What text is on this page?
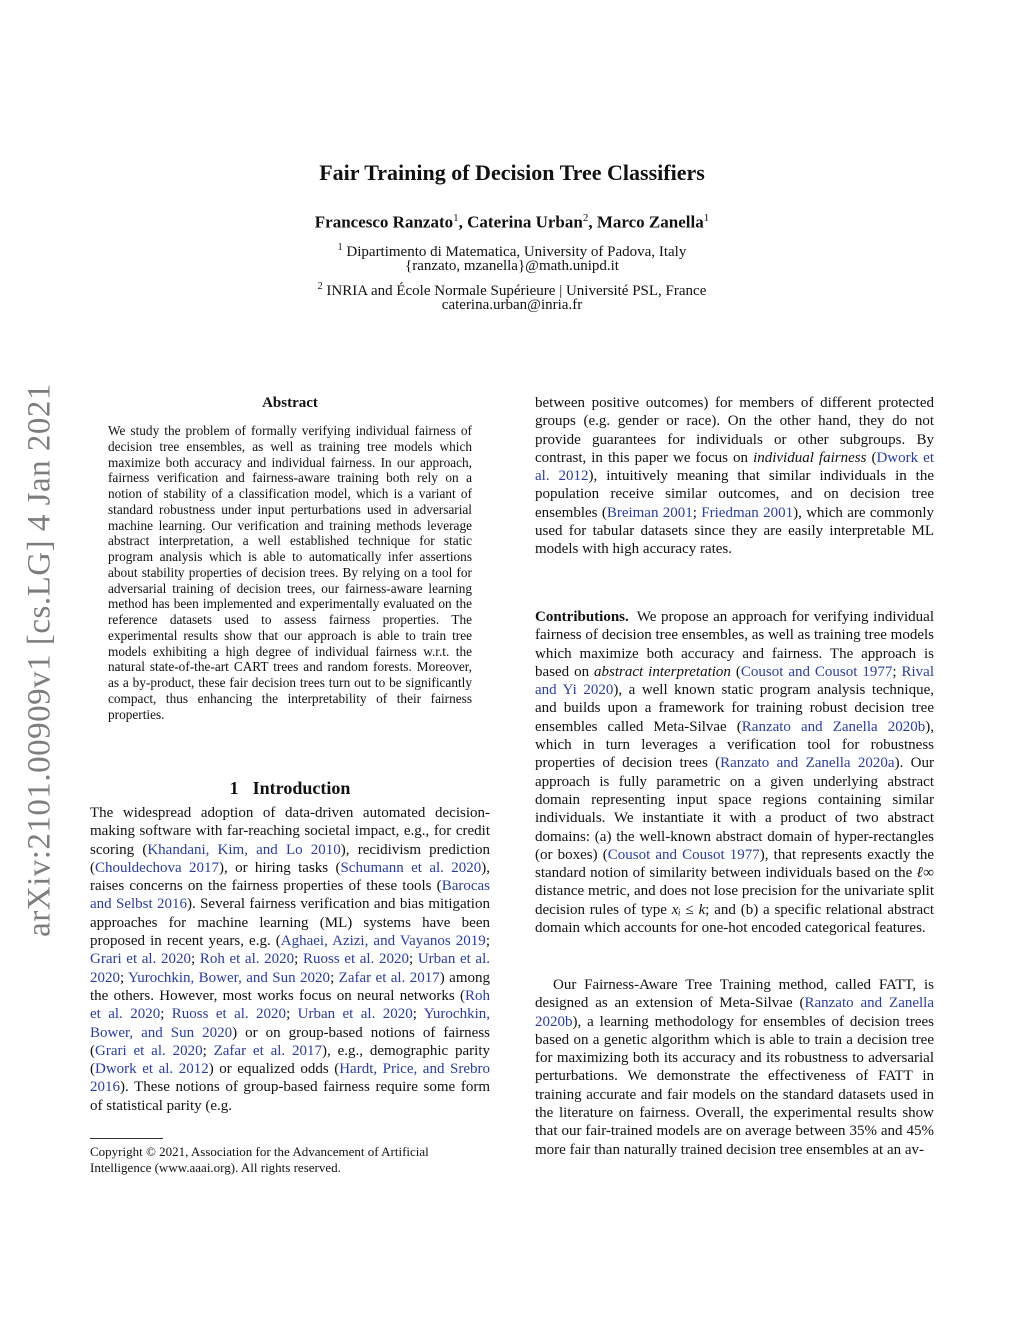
arXiv:2101.00909v1 [cs.LG] 4 Jan 2021
Fair Training of Decision Tree Classifiers
Francesco Ranzato$^1$, Caterina Urban$^2$, Marco Zanella$^1$
$^1$ Dipartimento di Matematica, University of Padova, Italy
{ranzato, mzanella}@math.unipd.it
$^2$ INRIA and École Normale Supérieure | Université PSL, France
caterina.urban@inria.fr
Abstract
We study the problem of formally verifying individual fairness of decision tree ensembles, as well as training tree models which maximize both accuracy and individual fairness. In our approach, fairness verification and fairness-aware training both rely on a notion of stability of a classification model, which is a variant of standard robustness under input perturbations used in adversarial machine learning. Our verification and training methods leverage abstract interpretation, a well established technique for static program analysis which is able to automatically infer assertions about stability properties of decision trees. By relying on a tool for adversarial training of decision trees, our fairness-aware learning method has been implemented and experimentally evaluated on the reference datasets used to assess fairness properties. The experimental results show that our approach is able to train tree models exhibiting a high degree of individual fairness w.r.t. the natural state-of-the-art CART trees and random forests. Moreover, as a by-product, these fair decision trees turn out to be significantly compact, thus enhancing the interpretability of their fairness properties.
1 Introduction

The widespread adoption of data-driven automated decision-making software with far-reaching societal impact, e.g., for credit scoring (Khandani, Kim, and Lo 2010), recidivism prediction (Chouldechova 2017), or hiring tasks (Schumann et al. 2020), raises concerns on the fairness properties of these tools (Barocas and Selbst 2016). Several fairness verification and bias mitigation approaches for machine learning (ML) systems have been proposed in recent years, e.g. (Aghaei, Azizi, and Vayanos 2019; Grari et al. 2020; Roh et al. 2020; Ruoss et al. 2020; Urban et al. 2020; Yurochkin, Bower, and Sun 2020; Zafar et al. 2017) among the others. However, most works focus on neural networks (Roh et al. 2020; Ruoss et al. 2020; Urban et al. 2020; Yurochkin, Bower, and Sun 2020) or on group-based notions of fairness (Grari et al. 2020; Zafar et al. 2017), e.g., demographic parity (Dwork et al. 2012) or equalized odds (Hardt, Price, and Srebro 2016). These notions of group-based fairness require some form of statistical parity (e.g.

Copyright © 2021, Association for the Advancement of Artificial Intelligence (www.aaai.org). All rights reserved.

between positive outcomes) for members of different protected groups (e.g. gender or race). On the other hand, they do not provide guarantees for individuals or other subgroups. By contrast, in this paper we focus on individual fairness (Dwork et al. 2012), intuitively meaning that similar individuals in the population receive similar outcomes, and on decision tree ensembles (Breiman 2001; Friedman 2001), which are commonly used for tabular datasets since they are easily interpretable ML models with high accuracy rates.

Contributions. We propose an approach for verifying individual fairness of decision tree ensembles, as well as training tree models which maximize both accuracy and fairness. The approach is based on abstract interpretation (Cousot and Cousot 1977; Rival and Yi 2020), a well known static program analysis technique, and builds upon a framework for training robust decision tree ensembles called Meta-Silvae (Ranzato and Zanella 2020b), which in turn leverages a verification tool for robustness properties of decision trees (Ranzato and Zanella 2020a). Our approach is fully parametric on a given underlying abstract domain representing input space regions containing similar individuals. We instantiate it with a product of two abstract domains: (a) the well-known abstract domain of hyper-rectangles (or boxes) (Cousot and Cousot 1977), that represents exactly the standard notion of similarity between individuals based on the ℓ∞ distance metric, and does not lose precision for the univariate split decision rules of type xᵢ ≤ k; and (b) a specific relational abstract domain which accounts for one-hot encoded categorical features.

Our Fairness-Aware Tree Training method, called FATT, is designed as an extension of Meta-Silvae (Ranzato and Zanella 2020b), a learning methodology for ensembles of decision trees based on a genetic algorithm which is able to train a decision tree for maximizing both its accuracy and its robustness to adversarial perturbations. We demonstrate the effectiveness of FATT in training accurate and fair models on the standard datasets used in the literature on fairness. Overall, the experimental results show that our fair-trained models are on average between 35% and 45% more fair than naturally trained decision tree ensembles at an av-
